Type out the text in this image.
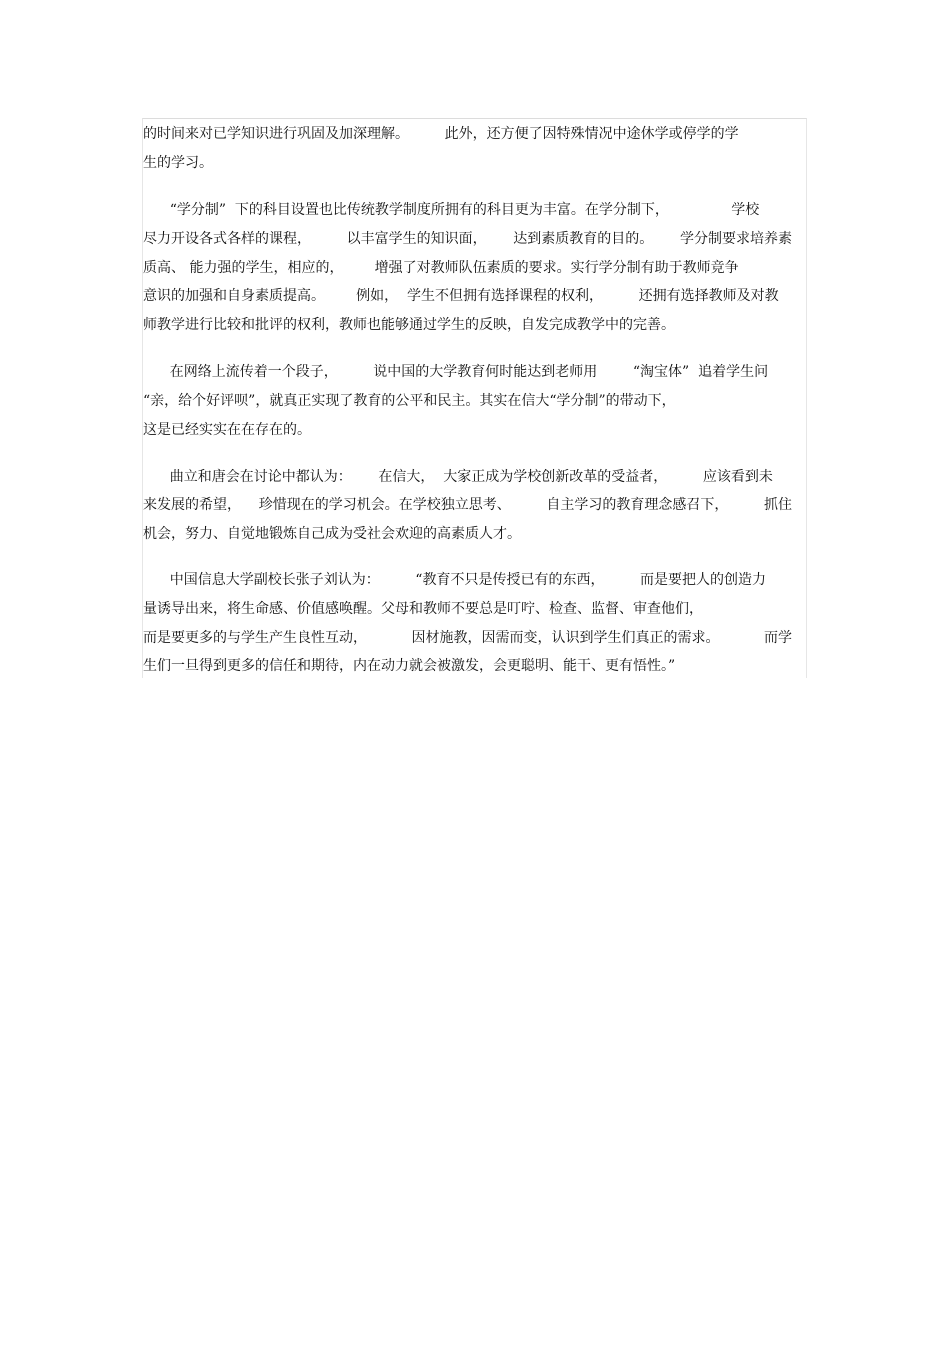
的时间来对已学知识进行巩固及加深理解。        此外，还方便了因特殊情况中途休学或停学的学
生的学习。
“学分制”  下的科目设置也比传统教学制度所拥有的科目更为丰富。在学分制下，              学校
尽力开设各式各样的课程，        以丰富学生的知识面，      达到素质教育的目的。      学分制要求培养素
质高、 能力强的学生，相应的，       增强了对教师队伍素质的要求。实行学分制有助于教师竞争
意识的加强和自身素质提高。       例如，  学生不但拥有选择课程的权利，        还拥有选择教师及对教
师教学进行比较和批评的权利，教师也能够通过学生的反映，自发完成教学中的完善。
在网络上流传着一个段子，        说中国的大学教育何时能达到老师用        “淘宝体”  追着学生问
“亲，给个好评呗”，就真正实现了教育的公平和民主。其实在信大“学分制”的带动下，
这是已经实实在在存在的。
曲立和唐会在讨论中都认为：      在信大，  大家正成为学校创新改革的受益者，        应该看到未
来发展的希望，    珍惜现在的学习机会。在学校独立思考、        自主学习的教育理念感召下，        抓住
机会，努力、自觉地锻炼自己成为受社会欢迎的高素质人才。
中国信息大学副校长张子刘认为：        “教育不只是传授已有的东西，        而是要把人的创造力
量诱导出来，将生命感、价值感唤醒。父母和教师不要总是叮咛、检查、监督、审查他们，
而是要更多的与学生产生良性互动，          因材施教，因需而变，认识到学生们真正的需求。          而学
生们一旦得到更多的信任和期待，内在动力就会被激发，会更聪明、能干、更有悟性。”
